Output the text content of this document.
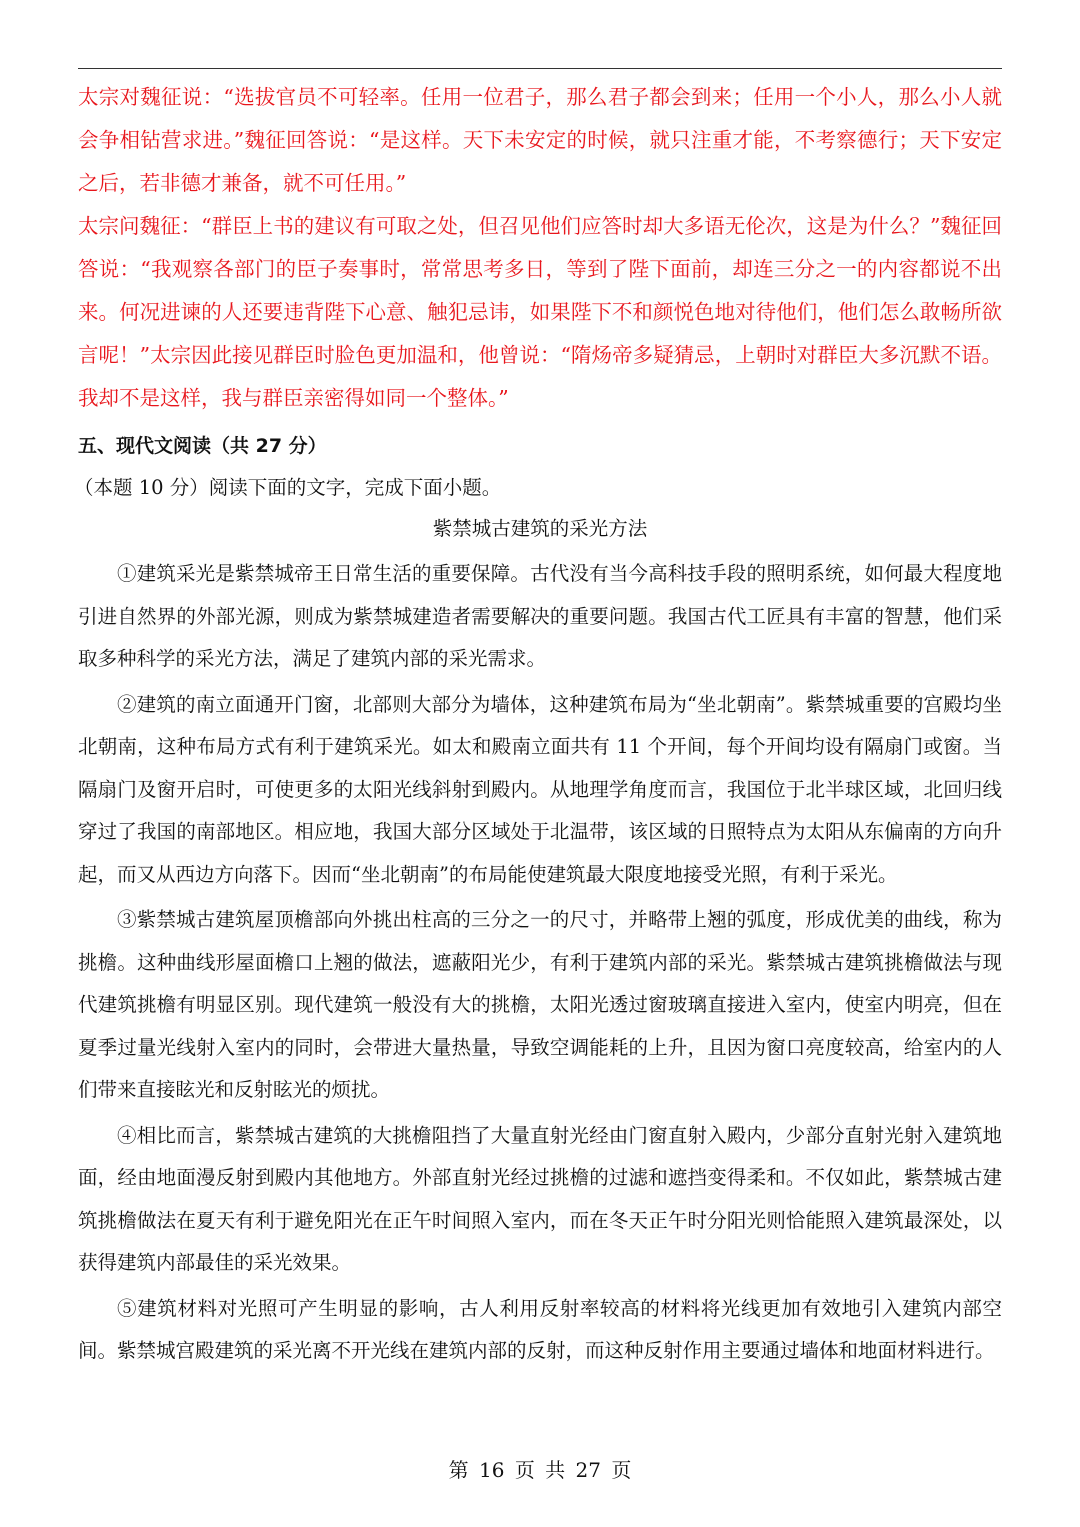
太宗对魏征说：“选拔官员不可轻率。任用一位君子，那么君子都会到来；任用一个小人，那么小人就会争相钻营求进。”魏征回答说：“是这样。天下未安定的时候，就只注重才能，不考察德行；天下安定之后，若非德才兼备，就不可任用。”

太宗问魏征：“群臣上书的建议有可取之处，但召见他们应答时却大多语无伦次，这是为什么？”魏征回答说：“我观察各部门的臣子奏事时，常常思考多日，等到了陛下面前，却连三分之一的内容都说不出来。何况进谏的人还要违背陛下心意、触犯忌讳，如果陛下不和颜悦色地对待他们，他们怎么敢畅所欲言呢！”太宗因此接见群臣时脸色更加温和，他曾说：“隋炀帝多疑猜忌，上朝时对群臣大多沉默不语。我却不是这样，我与群臣亲密得如同一个整体。”

五、现代文阅读（共 27 分）
（本题 10 分）阅读下面的文字，完成下面小题。
紫禁城古建筑的采光方法

①建筑采光是紫禁城帝王日常生活的重要保障。古代没有当今高科技手段的照明系统，如何最大程度地引进自然界的外部光源，则成为紫禁城建造者需要解决的重要问题。我国古代工匠具有丰富的智慧，他们采取多种科学的采光方法，满足了建筑内部的采光需求。

②建筑的南立面通开门窗，北部则大部分为墙体，这种建筑布局为“坐北朝南”。紫禁城重要的宫殿均坐北朝南，这种布局方式有利于建筑采光。如太和殿南立面共有 11 个开间，每个开间均设有隔扇门或窗。当隔扇门及窗开启时，可使更多的太阳光线斜射到殿内。从地理学角度而言，我国位于北半球区域，北回归线穿过了我国的南部地区。相应地，我国大部分区域处于北温带，该区域的日照特点为太阳从东偏南的方向升起，而又从西边方向落下。因而“坐北朝南”的布局能使建筑最大限度地接受光照，有利于采光。

③紫禁城古建筑屋顶檐部向外挑出柱高的三分之一的尺寸，并略带上翘的弧度，形成优美的曲线，称为挑檐。这种曲线形屋面檐口上翘的做法，遮蔽阳光少，有利于建筑内部的采光。紫禁城古建筑挑檐做法与现代建筑挑檐有明显区别。现代建筑一般没有大的挑檐，太阳光透过窗玻璃直接进入室内，使室内明亮，但在夏季过量光线射入室内的同时，会带进大量热量，导致空调能耗的上升，且因为窗口亮度较高，给室内的人们带来直接眩光和反射眩光的烦扰。

④相比而言，紫禁城古建筑的大挑檐阻挡了大量直射光经由门窗直射入殿内，少部分直射光射入建筑地面，经由地面漫反射到殿内其他地方。外部直射光经过挑檐的过滤和遮挡变得柔和。不仅如此，紫禁城古建筑挑檐做法在夏天有利于避免阳光在正午时间照入室内，而在冬天正午时分阳光则恰能照入建筑最深处，以获得建筑内部最佳的采光效果。

⑤建筑材料对光照可产生明显的影响，古人利用反射率较高的材料将光线更加有效地引入建筑内部空间。紫禁城宫殿建筑的采光离不开光线在建筑内部的反射，而这种反射作用主要通过墙体和地面材料进行。

第 16 页 共 27 页
